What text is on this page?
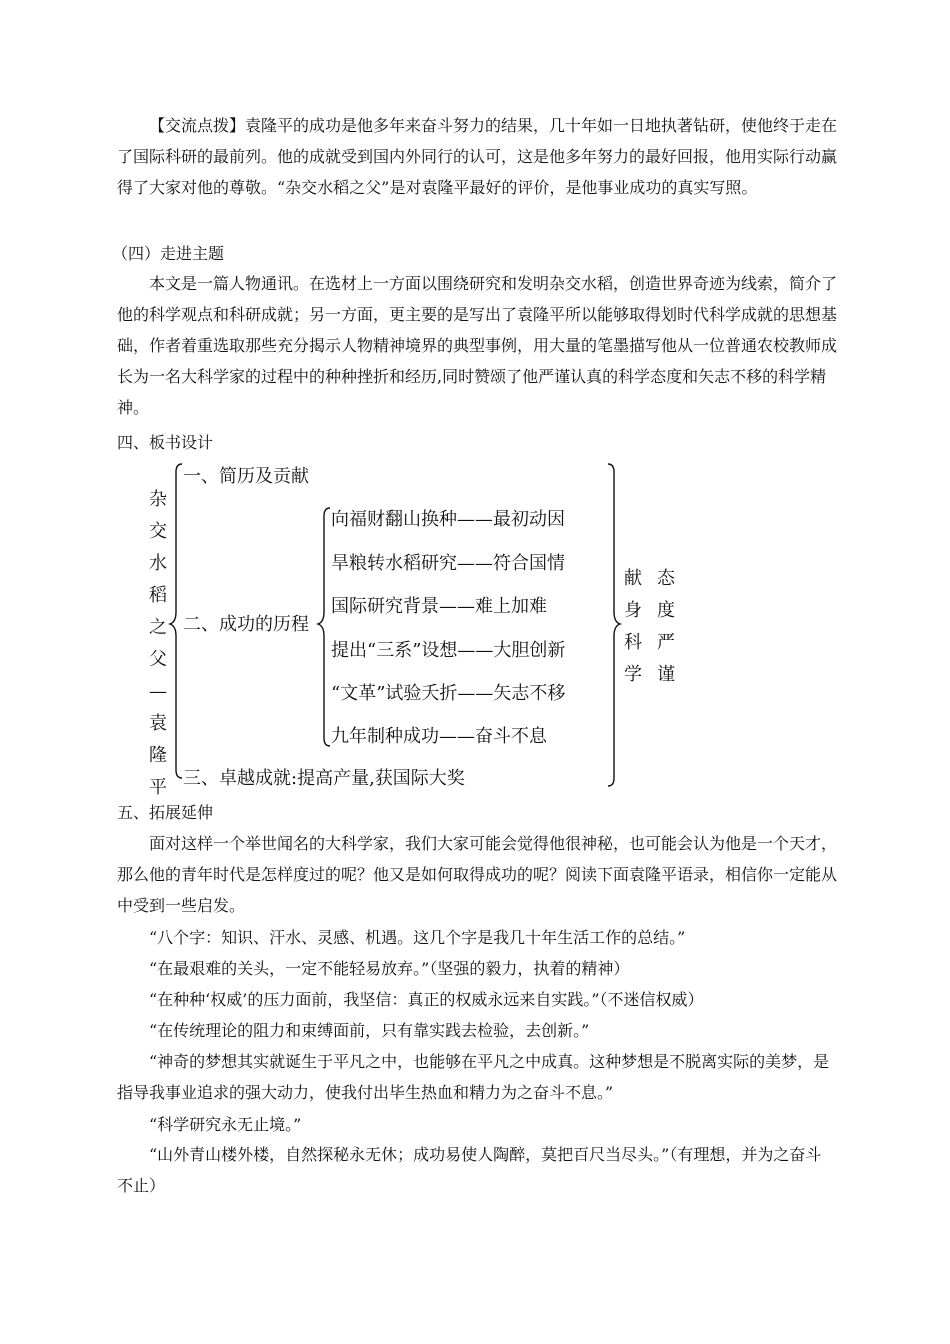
【交流点拨】袁隆平的成功是他多年来奋斗努力的结果，几十年如一日地执著钻研，使他终于走在了国际科研的最前列。他的成就受到国内外同行的认可，这是他多年努力的最好回报，他用实际行动赢得了大家对他的尊敬。“杂交水稻之父”是对袁隆平最好的评价，是他事业成功的真实写照。
（四）走进主题
本文是一篇人物通讯。在选材上一方面以围绕研究和发明杂交水稻，创造世界奇迹为线索，简介了他的科学观点和科研成就；另一方面，更主要的是写出了袁隆平所以能够取得划时代科学成就的思想基础，作者着重选取那些充分揭示人物精神境界的典型事例，用大量的笔墨描写他从一位普通农校教师成长为一名大科学家的过程中的种种挫折和经历,同时赞颂了他严谨认真的科学态度和矢志不移的科学精神。
四、板书设计
杂
交
水
稻
之
父
—
袁
隆
平
一、简历及贡献
二、成功的历程
三、卓越成就:提高产量,获国际大奖
向福财翻山换种——最初动因
旱粮转水稻研究——符合国情
国际研究背景——难上加难
提出“三系”设想——大胆创新
“文革”试验夭折——矢志不移
九年制种成功——奋斗不息
献
身
科
学
态
度
严
谨
五、拓展延伸
面对这样一个举世闻名的大科学家，我们大家可能会觉得他很神秘，也可能会认为他是一个天才，那么他的青年时代是怎样度过的呢？他又是如何取得成功的呢？阅读下面袁隆平语录，相信你一定能从中受到一些启发。
“八个字：知识、汗水、灵感、机遇。这几个字是我几十年生活工作的总结。”
“在最艰难的关头，一定不能轻易放弃。”（坚强的毅力，执着的精神）
“在种种‘权威’的压力面前，我坚信：真正的权威永远来自实践。”（不迷信权威）
“在传统理论的阻力和束缚面前，只有靠实践去检验，去创新。”
“神奇的梦想其实就诞生于平凡之中，也能够在平凡之中成真。这种梦想是不脱离实际的美梦，是指导我事业追求的强大动力，使我付出毕生热血和精力为之奋斗不息。”
“科学研究永无止境。”
“山外青山楼外楼，自然探秘永无休；成功易使人陶醉，莫把百尺当尽头。”（有理想，并为之奋斗不止）
